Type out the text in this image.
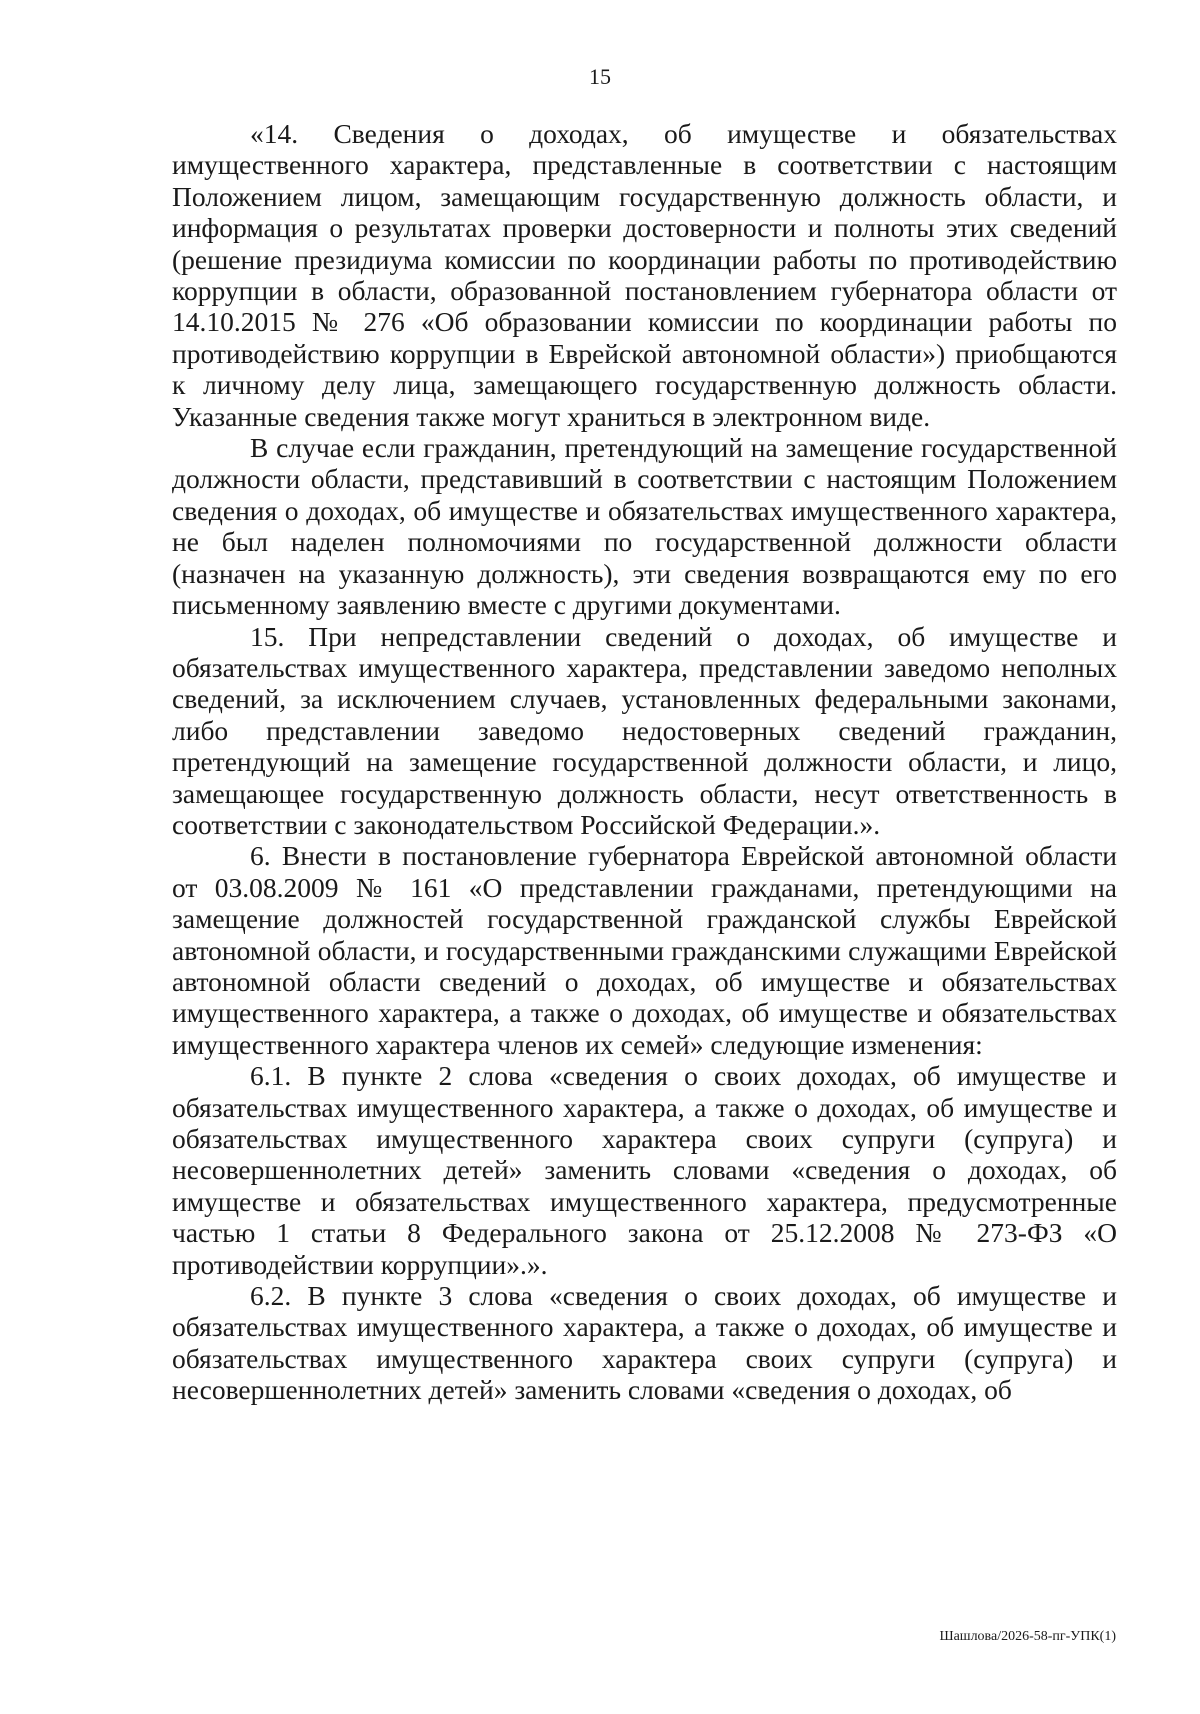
15

«14. Сведения о доходах, об имуществе и обязательствах имущественного характера, представленные в соответствии с настоящим Положением лицом, замещающим государственную должность области, и информация о результатах проверки достоверности и полноты этих сведений (решение президиума комиссии по координации работы по противодействию коррупции в области, образованной постановлением губернатора области от 14.10.2015 № 276 «Об образовании комиссии по координации работы по противодействию коррупции в Еврейской автономной области») приобщаются к личному делу лица, замещающего государственную должность области. Указанные сведения также могут храниться в электронном виде.

В случае если гражданин, претендующий на замещение государственной должности области, представивший в соответствии с настоящим Положением сведения о доходах, об имуществе и обязательствах имущественного характера, не был наделен полномочиями по государственной должности области (назначен на указанную должность), эти сведения возвращаются ему по его письменному заявлению вместе с другими документами.

15. При непредставлении сведений о доходах, об имуществе и обязательствах имущественного характера, представлении заведомо неполных сведений, за исключением случаев, установленных федеральными законами, либо представлении заведомо недостоверных сведений гражданин, претендующий на замещение государственной должности области, и лицо, замещающее государственную должность области, несут ответственность в соответствии с законодательством Российской Федерации.».

6. Внести в постановление губернатора Еврейской автономной области от 03.08.2009 № 161 «О представлении гражданами, претендующими на замещение должностей государственной гражданской службы Еврейской автономной области, и государственными гражданскими служащими Еврейской автономной области сведений о доходах, об имуществе и обязательствах имущественного характера, а также о доходах, об имуществе и обязательствах имущественного характера членов их семей» следующие изменения:

6.1. В пункте 2 слова «сведения о своих доходах, об имуществе и обязательствах имущественного характера, а также о доходах, об имуществе и обязательствах имущественного характера своих супруги (супруга) и несовершеннолетних детей» заменить словами «сведения о доходах, об имуществе и обязательствах имущественного характера, предусмотренные частью 1 статьи 8 Федерального закона от 25.12.2008 № 273-ФЗ «О противодействии коррупции».».

6.2. В пункте 3 слова «сведения о своих доходах, об имуществе и обязательствах имущественного характера, а также о доходах, об имуществе и обязательствах имущественного характера своих супруги (супруга) и несовершеннолетних детей» заменить словами «сведения о доходах, об

Шашлова/2026-58-пг-УПК(1)
